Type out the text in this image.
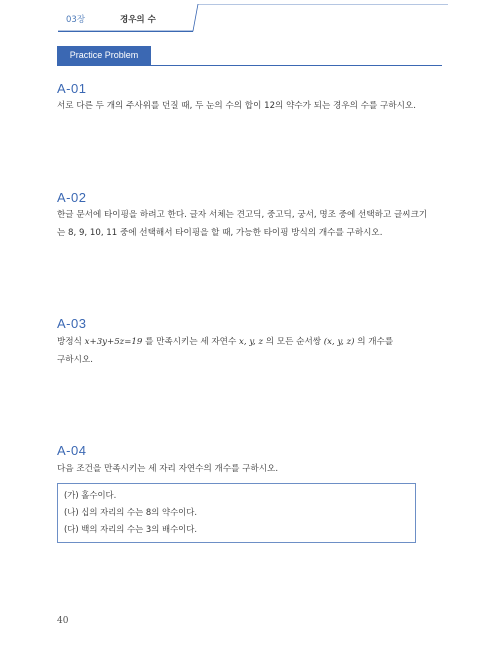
03장	경우의 수
Practice Problem
A-01
서로 다른 두 개의 주사위를 던질 때, 두 눈의 수의 합이 12의 약수가 되는 경우의 수를 구하시오.
A-02
한글 문서에 타이핑을 하려고 한다. 글자 서체는 견고딕, 중고딕, 궁서, 명조 중에 선택하고 글씨크기
는 8, 9, 10, 11 중에 선택해서 타이핑을 할 때, 가능한 타이핑 방식의 개수를 구하시오.
A-03
방정식 x+3y+5z=19 를 만족시키는 세 자연수 x, y, z 의 모든 순서쌍 (x, y, z) 의 개수를
구하시오.
A-04
다음 조건을 만족시키는 세 자리 자연수의 개수를 구하시오.
(가) 홀수이다.
(나) 십의 자리의 수는 8의 약수이다.
(다) 백의 자리의 수는 3의 배수이다.
40
